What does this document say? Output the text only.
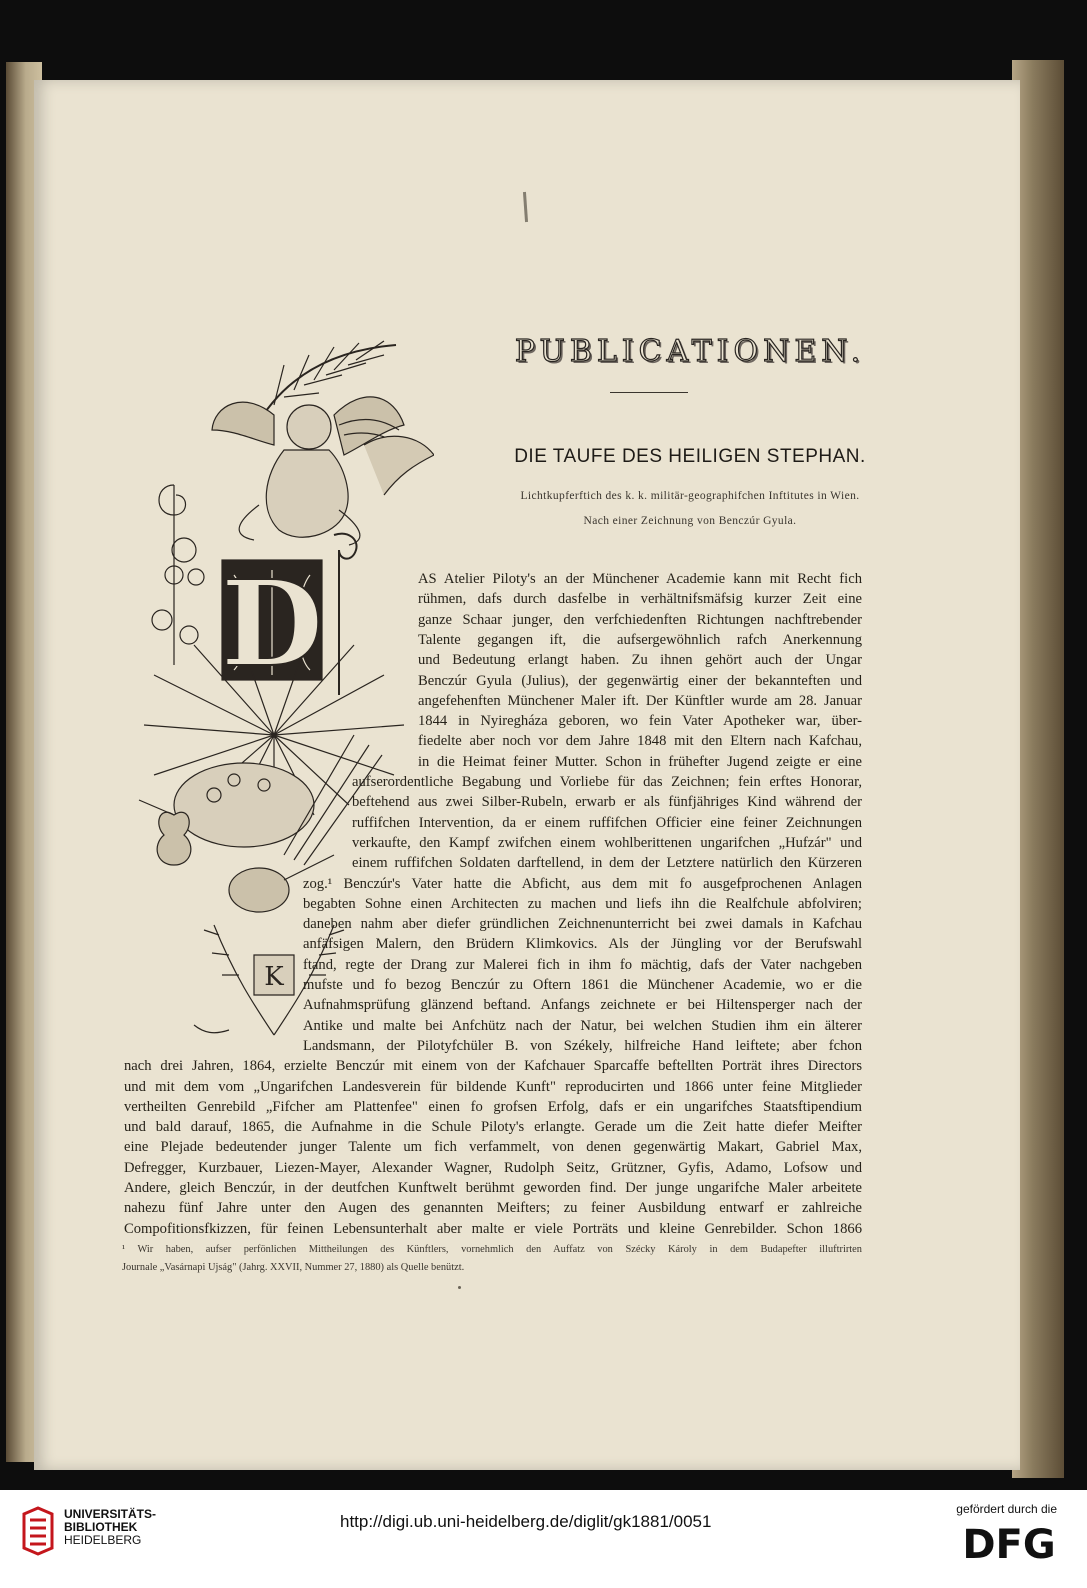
PUBLICATIONEN.
DIE TAUFE DES HEILIGEN STEPHAN.
Lichtkupferftich des k. k. militär-geographifchen Inftitutes in Wien.
Nach einer Zeichnung von Benczúr Gyula.
K
D	AS Atelier Piloty's an der Münchener Academie kann mit Recht fich
rühmen, dafs durch dasfelbe in verhältnifsmäfsig kurzer Zeit eine
ganze Schaar junger, den verfchiedenften Richtungen nachftrebender
Talente gegangen ift, die aufsergewöhnlich rafch Anerkennung
und Bedeutung erlangt haben. Zu ihnen gehört auch der Ungar
Benczúr Gyula (Julius), der gegenwärtig einer der bekannteften und
angefehenften Münchener Maler ift. Der Künftler wurde am 28. Januar
1844 in Nyiregháza geboren, wo fein Vater Apotheker war, über-
fiedelte aber noch vor dem Jahre 1848 mit den Eltern nach Kafchau,
in die Heimat feiner Mutter. Schon in frühefter Jugend zeigte er eine
aufserordentliche Begabung und Vorliebe für das Zeichnen; fein erftes Honorar,
beftehend aus zwei Silber-Rubeln, erwarb er als fünfjähriges Kind während der
ruffifchen Intervention, da er einem ruffifchen Officier eine feiner Zeichnungen
verkaufte, den Kampf zwifchen einem wohlberittenen ungarifchen „Hufzár" und
einem ruffifchen Soldaten darftellend, in dem der Letztere natürlich den Kürzeren
zog.¹ Benczúr's Vater hatte die Abficht, aus dem mit fo ausgefprochenen Anlagen
begabten Sohne einen Architecten zu machen und liefs ihn die Realfchule abfolviren;
daneben nahm aber diefer gründlichen Zeichnenunterricht bei zwei damals in Kafchau
anfäfsigen Malern, den Brüdern Klimkovics. Als der Jüngling vor der Berufswahl
ftand, regte der Drang zur Malerei fich in ihm fo mächtig, dafs der Vater nachgeben
mufste und fo bezog Benczúr zu Oftern 1861 die Münchener Academie, wo er die
Aufnahmsprüfung glänzend beftand. Anfangs zeichnete er bei Hiltensperger nach der
Antike und malte bei Anfchütz nach der Natur, bei welchen Studien ihm ein älterer
Landsmann, der Pilotyfchüler B. von Székely, hilfreiche Hand leiftete; aber fchon
nach drei Jahren, 1864, erzielte Benczúr mit einem von der Kafchauer Sparcaffe beftellten Porträt ihres Directors
und mit dem vom „Ungarifchen Landesverein für bildende Kunft" reproducirten und 1866 unter feine Mitglieder
vertheilten Genrebild „Fifcher am Plattenfee" einen fo grofsen Erfolg, dafs er ein ungarifches Staatsftipendium
und bald darauf, 1865, die Aufnahme in die Schule Piloty's erlangte. Gerade um die Zeit hatte diefer Meifter
eine Plejade bedeutender junger Talente um fich verfammelt, von denen gegenwärtig Makart, Gabriel Max,
Defregger, Kurzbauer, Liezen-Mayer, Alexander Wagner, Rudolph Seitz, Grützner, Gyfis, Adamo, Lofsow und
Andere, gleich Benczúr, in der deutfchen Kunftwelt berühmt geworden find. Der junge ungarifche Maler arbeitete
nahezu fünf Jahre unter den Augen des genannten Meifters; zu feiner Ausbildung entwarf er zahlreiche
Compofitionsfkizzen, für feinen Lebensunterhalt aber malte er viele Porträts und kleine Genrebilder. Schon 1866
¹ Wir haben, aufser perfönlichen Mittheilungen des Künftlers, vornehmlich den Auffatz von Szécky Károly in dem Budapefter illuftrirten
Journale „Vasárnapi Ujság" (Jahrg. XXVII, Nummer 27, 1880) als Quelle benützt.
UNIVERSITÄTS-
BIBLIOTHEK
HEIDELBERG
http://digi.ub.uni-heidelberg.de/diglit/gk1881/0051
gefördert durch die
DFG
